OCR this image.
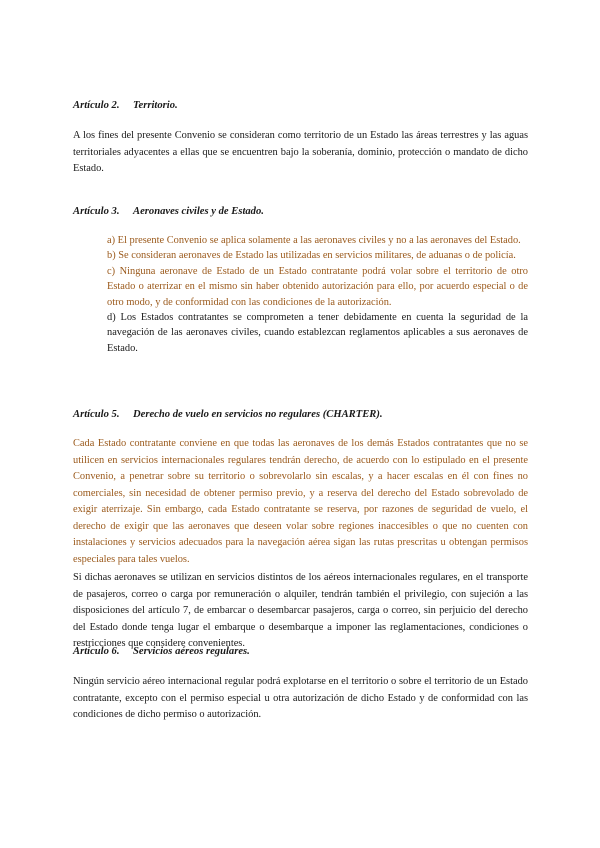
Artículo 2. Territorio.

A los fines del presente Convenio se consideran como territorio de un Estado las áreas terrestres y las aguas territoriales adyacentes a ellas que se encuentren bajo la soberanía, dominio, protección o mandato de dicho Estado.

Artículo 3. Aeronaves civiles y de Estado.

a) El presente Convenio se aplica solamente a las aeronaves civiles y no a las aeronaves del Estado.

b) Se consideran aeronaves de Estado las utilizadas en servicios militares, de aduanas o de policía.

c) Ninguna aeronave de Estado de un Estado contratante podrá volar sobre el territorio de otro Estado o aterrizar en el mismo sin haber obtenido autorización para ello, por acuerdo especial o de otro modo, y de conformidad con las condiciones de la autorización.

d) Los Estados contratantes se comprometen a tener debidamente en cuenta la seguridad de la navegación de las aeronaves civiles, cuando establezcan reglamentos aplicables a sus aeronaves de Estado.

Artículo 5. Derecho de vuelo en servicios no regulares (CHARTER).

Cada Estado contratante conviene en que todas las aeronaves de los demás Estados contratantes que no se utilicen en servicios internacionales regulares tendrán derecho, de acuerdo con lo estipulado en el presente Convenio, a penetrar sobre su territorio o sobrevolarlo sin escalas, y a hacer escalas en él con fines no comerciales, sin necesidad de obtener permiso previo, y a reserva del derecho del Estado sobrevolado de exigir aterrizaje. Sin embargo, cada Estado contratante se reserva, por razones de seguridad de vuelo, el derecho de exigir que las aeronaves que deseen volar sobre regiones inaccesibles o que no cuenten con instalaciones y servicios adecuados para la navegación aérea sigan las rutas prescritas u obtengan permisos especiales para tales vuelos.

Si dichas aeronaves se utilizan en servicios distintos de los aéreos internacionales regulares, en el transporte de pasajeros, correo o carga por remuneración o alquiler, tendrán también el privilegio, con sujeción a las disposiciones del artículo 7, de embarcar o desembarcar pasajeros, carga o correo, sin perjuicio del derecho del Estado donde tenga lugar el embarque o desembarque a imponer las reglamentaciones, condiciones o restricciones que considere convenientes.

Artículo 6. Servicios aéreos regulares.

Ningún servicio aéreo internacional regular podrá explotarse en el territorio o sobre el territorio de un Estado contratante, excepto con el permiso especial u otra autorización de dicho Estado y de conformidad con las condiciones de dicho permiso o autorización.
